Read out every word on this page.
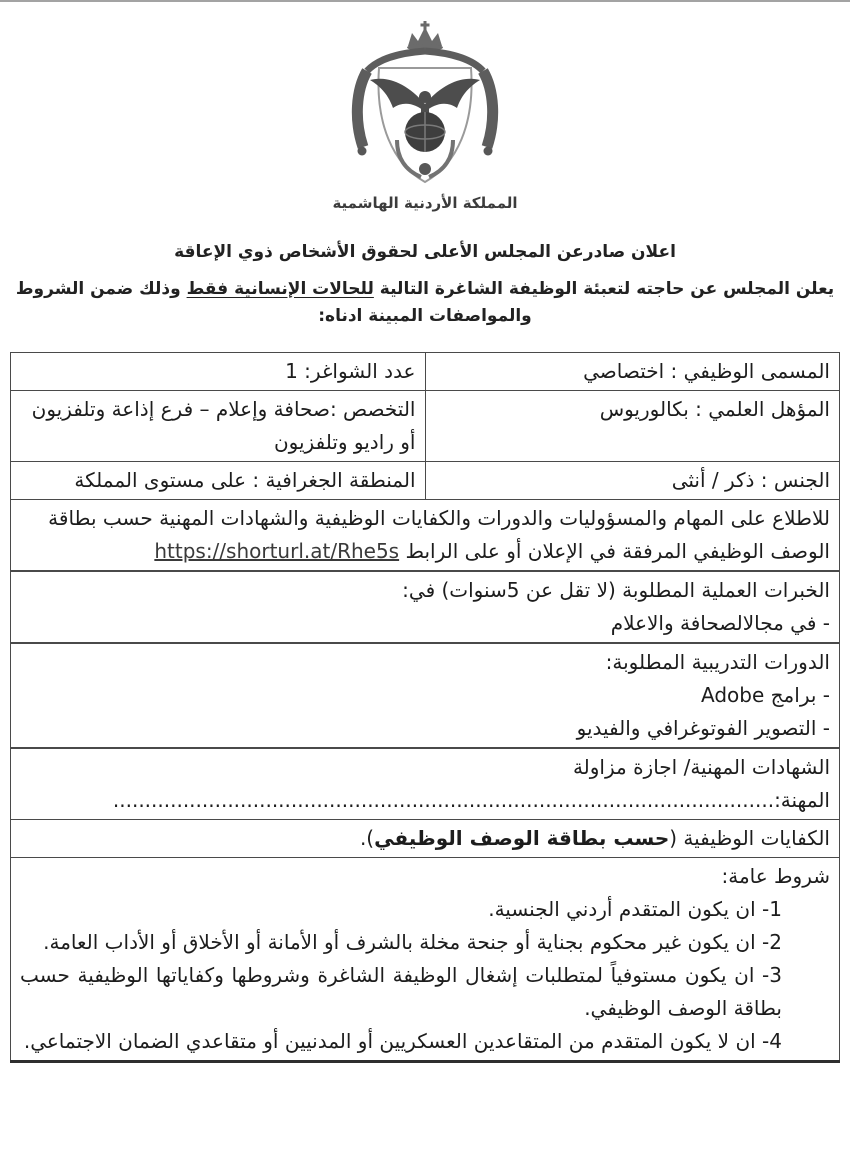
المملكة الأردنية الهاشمية
اعلان صادرعن المجلس الأعلى لحقوق الأشخاص ذوي الإعاقة

يعلن المجلس عن حاجته لتعبئة الوظيفة الشاغرة التالية للحالات الإنسانية فقط وذلك ضمن الشروط والمواصفات المبينة ادناه:

المسمى الوظيفي : اختصاصي	عدد الشواغر: 1
المؤهل العلمي : بكالوريوس	التخصص :صحافة وإعلام – فرع إذاعة وتلفزيون أو راديو وتلفزيون
الجنس : ذكر / أنثى	المنطقة الجغرافية : على مستوى المملكة
للاطلاع على المهام والمسؤوليات والدورات والكفايات الوظيفية والشهادات المهنية حسب بطاقة الوصف الوظيفي المرفقة في الإعلان أو على الرابط https://shorturl.at/Rhe5s	

الخبرات العملية المطلوبة (لا تقل عن 5سنوات) في:
- في مجالالصحافة والاعلام	

الدورات التدريبية المطلوبة:
- برامج Adobe
- التصوير الفوتوغرافي والفيديو	

الشهادات المهنية/ اجازة مزاولة
المهنة:........................................................................................................	

الكفايات الوظيفية (حسب بطاقة الوصف الوظيفي).	

شروط عامة:
1- ان يكون المتقدم أردني الجنسية.
2- ان يكون غير محكوم بجناية أو جنحة مخلة بالشرف أو الأمانة أو الأخلاق أو الأداب العامة.
3- ان يكون مستوفياً لمتطلبات إشغال الوظيفة الشاغرة وشروطها وكفاياتها الوظيفية حسب بطاقة الوصف الوظيفي.
4- ان لا يكون المتقدم من المتقاعدين العسكريين أو المدنيين أو متقاعدي الضمان الاجتماعي.	
